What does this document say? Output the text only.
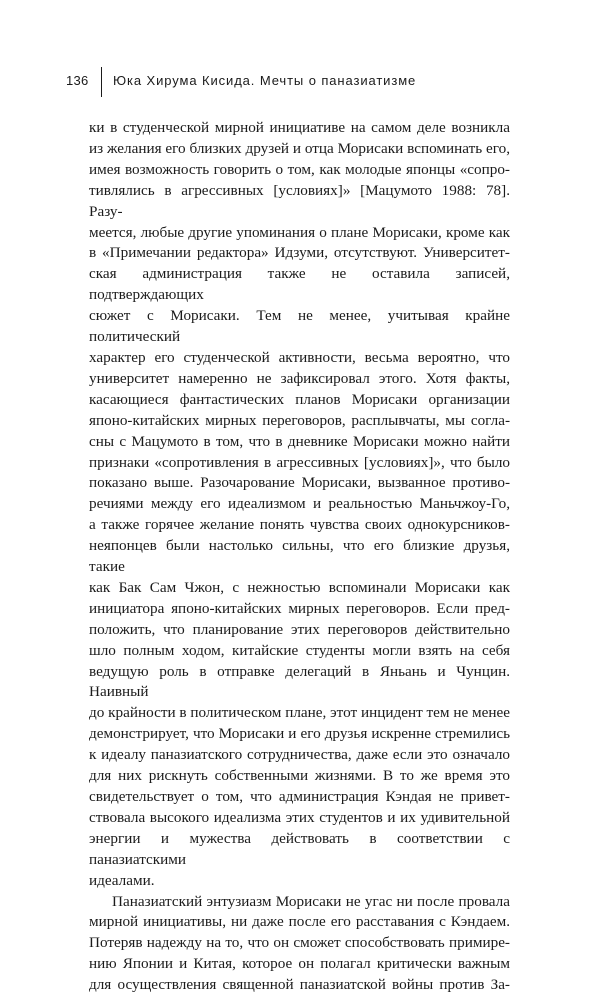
136 Юка Хирума Кисида. Мечты о паназиатизме

ки в студенческой мирной инициативе на самом деле возникла

из желания его близких друзей и отца Морисаки вспоминать его,

имея возможность говорить о том, как молодые японцы «сопро-

тивлялись в агрессивных [условиях]» [Мацумото 1988: 78]. Разу-

меется, любые другие упоминания о плане Морисаки, кроме как

в «Примечании редактора» Идзуми, отсутствуют. Университет-

ская администрация также не оставила записей, подтверждающих

сюжет с Морисаки. Тем не менее, учитывая крайне политический

характер его студенческой активности, весьма вероятно, что

университет намеренно не зафиксировал этого. Хотя факты,

касающиеся фантастических планов Морисаки организации

японо-китайских мирных переговоров, расплывчаты, мы согла-

сны с Мацумото в том, что в дневнике Морисаки можно найти

признаки «сопротивления в агрессивных [условиях]», что было

показано выше. Разочарование Морисаки, вызванное противо-

речиями между его идеализмом и реальностью Маньчжоу-Го,

а также горячее желание понять чувства своих однокурсников-

неяпонцев были настолько сильны, что его близкие друзья, такие

как Бак Сам Чжон, с нежностью вспоминали Морисаки как

инициатора японо-китайских мирных переговоров. Если пред-

положить, что планирование этих переговоров действительно

шло полным ходом, китайские студенты могли взять на себя

ведущую роль в отправке делегаций в Яньань и Чунцин. Наивный

до крайности в политическом плане, этот инцидент тем не менее

демонстрирует, что Морисаки и его друзья искренне стремились

к идеалу паназиатского сотрудничества, даже если это означало

для них рискнуть собственными жизнями. В то же время это

свидетельствует о том, что администрация Кэндая не привет-

ствовала высокого идеализма этих студентов и их удивительной

энергии и мужества действовать в соответствии с паназиатскими

идеалами.

Паназиатский энтузиазм Морисаки не угас ни после провала

мирной инициативы, ни даже после его расставания с Кэндаем.

Потеряв надежду на то, что он сможет способствовать примире-

нию Японии и Китая, которое он полагал критически важным

для осуществления священной паназиатской войны против За-
